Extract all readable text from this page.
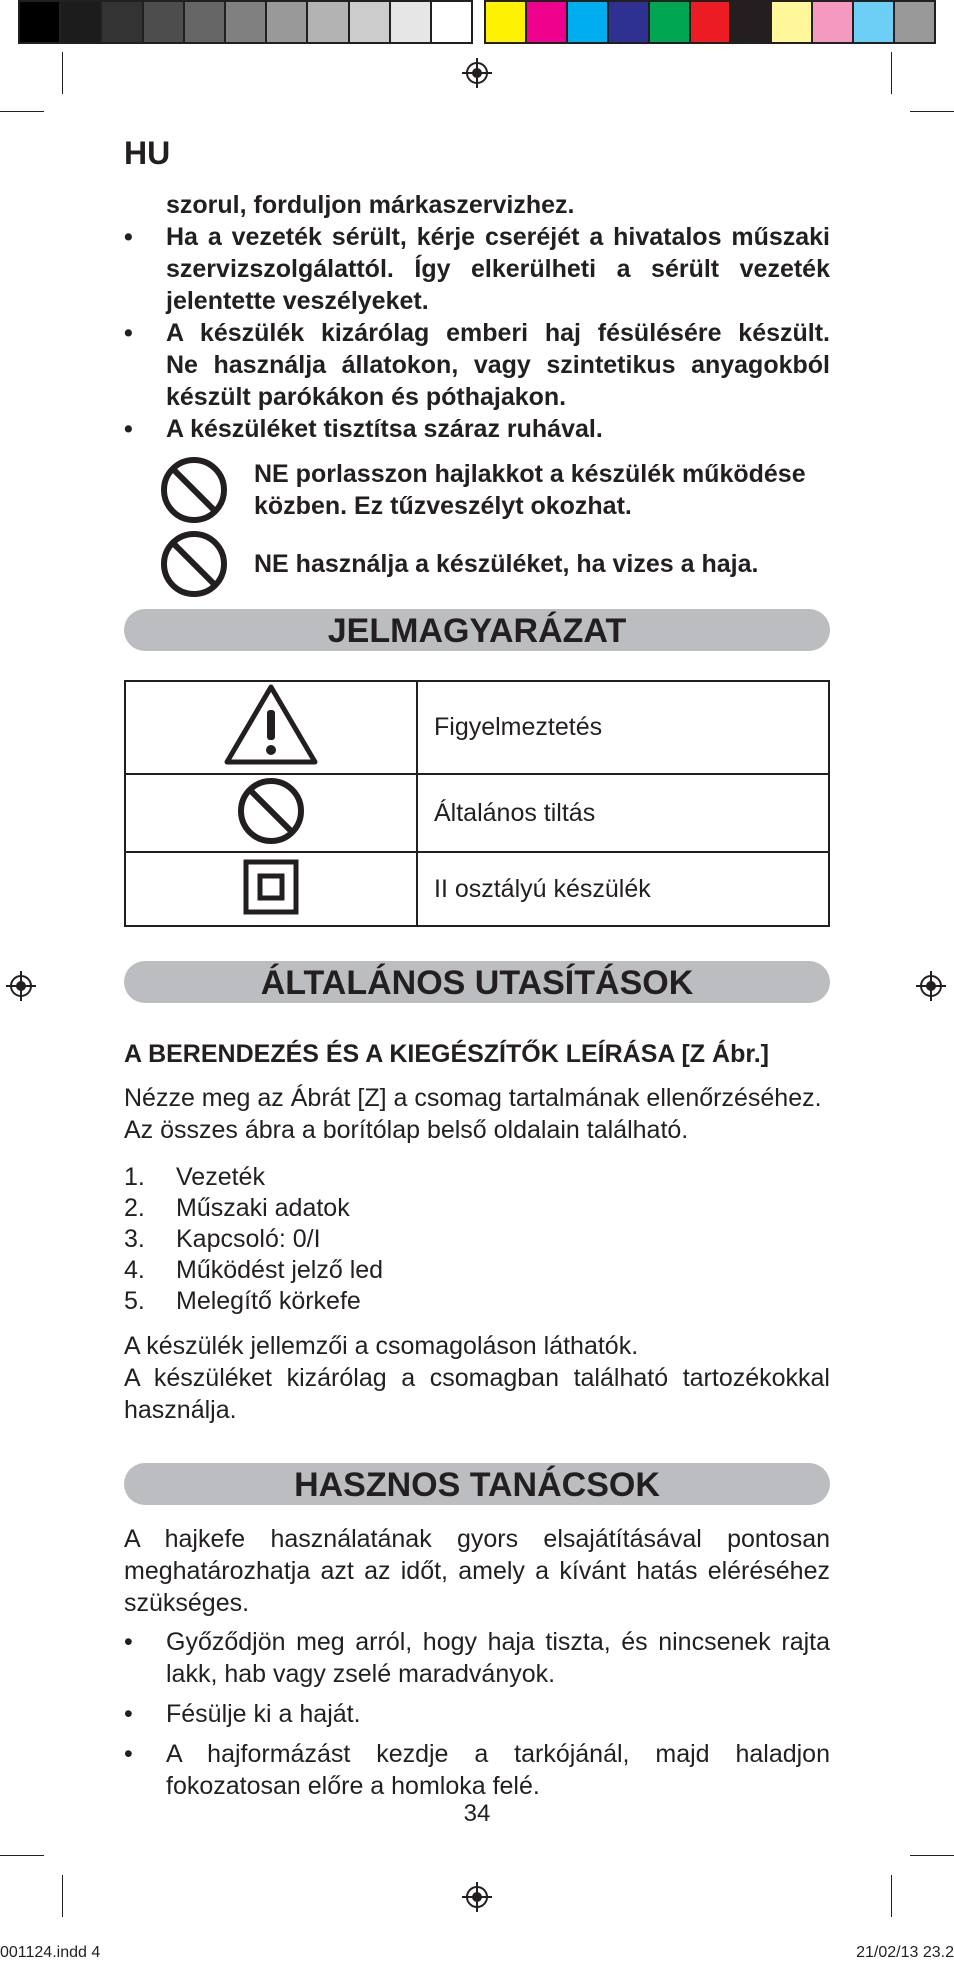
HU
szorul, forduljon márkaszervizhez.
• Ha a vezeték sérült, kérje cseréjét a hivatalos műszaki
szervizszolgálattól. Így elkerülheti a sérült vezeték
jelentette veszélyeket.
• A készülék kizárólag emberi haj fésülésére készült.
Ne használja állatokon, vagy szintetikus anyagokból
készült parókákon és póthajakon.
• A készüléket tisztítsa száraz ruhával.
NE porlasszon hajlakkot a készülék működése
közben. Ez tűzveszélyt okozhat.
NE használja a készüléket, ha vizes a haja.
JELMAGYARÁZAT
	Figyelmeztetés
	Általános tiltás
	II osztályú készülék
ÁLTALÁNOS UTASÍTÁSOK
A BERENDEZÉS ÉS A KIEGÉSZÍTŐK LEÍRÁSA [Z Ábr.]
Nézze meg az Ábrát [Z] a csomag tartalmának ellenőrzéséhez.
Az összes ábra a borítólap belső oldalain található.
1. Vezeték
2. Műszaki adatok
3. Kapcsoló: 0/I
4. Működést jelző led
5. Melegítő körkefe
A készülék jellemzői a csomagoláson láthatók.
A készüléket kizárólag a csomagban található tartozékokkal használja.
HASZNOS TANÁCSOK
A hajkefe használatának gyors elsajátításával pontosan meghatározhatja azt az időt, amely a kívánt hatás eléréséhez szükséges.
• Győződjön meg arról, hogy haja tiszta, és nincsenek rajta lakk, hab vagy zselé maradványok.
• Fésülje ki a haját.
• A hajformázást kezdje a tarkójánál, majd haladjon fokozatosan előre a homloka felé.
34
001124.indd 4	21/02/13 23.2
